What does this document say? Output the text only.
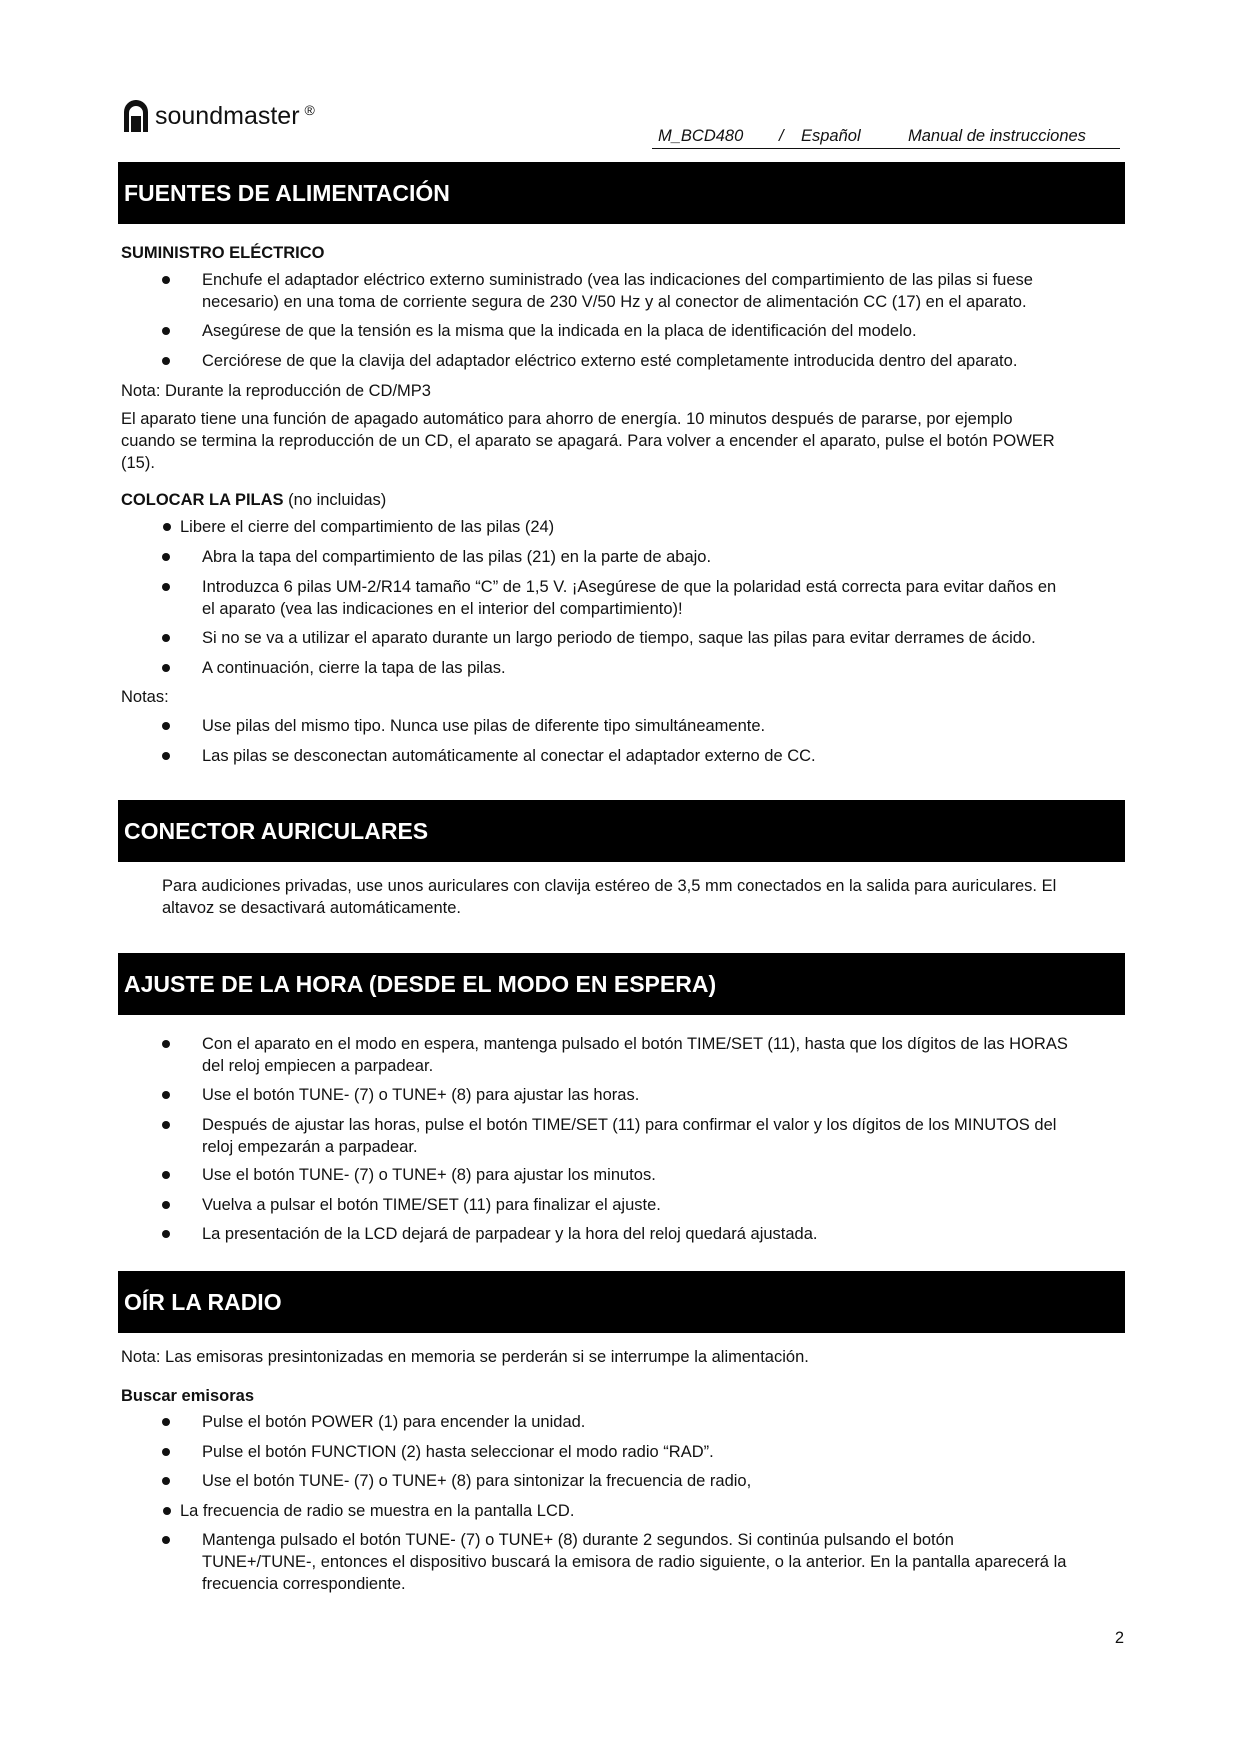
soundmaster ®
M_BCD480 / Español	Manual de instrucciones
FUENTES DE ALIMENTACIÓN
SUMINISTRO ELÉCTRICO
Enchufe el adaptador eléctrico externo suministrado (vea las indicaciones del compartimiento de las pilas si fuese
necesario) en una toma de corriente segura de 230 V/50 Hz y al conector de alimentación CC (17) en el aparato.
Asegúrese de que la tensión es la misma que la indicada en la placa de identificación del modelo.
Cerciórese de que la clavija del adaptador eléctrico externo esté completamente introducida dentro del aparato.
Nota: Durante la reproducción de CD/MP3
El aparato tiene una función de apagado automático para ahorro de energía. 10 minutos después de pararse, por ejemplo
cuando se termina la reproducción de un CD, el aparato se apagará. Para volver a encender el aparato, pulse el botón POWER
(15).
COLOCAR LA PILAS (no incluidas)
Libere el cierre del compartimiento de las pilas (24)
Abra la tapa del compartimiento de las pilas (21) en la parte de abajo.
Introduzca 6 pilas UM-2/R14 tamaño “C” de 1,5 V. ¡Asegúrese de que la polaridad está correcta para evitar daños en
el aparato (vea las indicaciones en el interior del compartimiento)!
Si no se va a utilizar el aparato durante un largo periodo de tiempo, saque las pilas para evitar derrames de ácido.
A continuación, cierre la tapa de las pilas.
Notas:
Use pilas del mismo tipo. Nunca use pilas de diferente tipo simultáneamente.
Las pilas se desconectan automáticamente al conectar el adaptador externo de CC.
CONECTOR AURICULARES
Para audiciones privadas, use unos auriculares con clavija estéreo de 3,5 mm conectados en la salida para auriculares. El
altavoz se desactivará automáticamente.
AJUSTE DE LA HORA (DESDE EL MODO EN ESPERA)
Con el aparato en el modo en espera, mantenga pulsado el botón TIME/SET (11), hasta que los dígitos de las HORAS
del reloj empiecen a parpadear.
Use el botón TUNE- (7) o TUNE+ (8) para ajustar las horas.
Después de ajustar las horas, pulse el botón TIME/SET (11) para confirmar el valor y los dígitos de los MINUTOS del
reloj empezarán a parpadear.
Use el botón TUNE- (7) o TUNE+ (8) para ajustar los minutos.
Vuelva a pulsar el botón TIME/SET (11) para finalizar el ajuste.
La presentación de la LCD dejará de parpadear y la hora del reloj quedará ajustada.
OÍR LA RADIO
Nota: Las emisoras presintonizadas en memoria se perderán si se interrumpe la alimentación.
Buscar emisoras
Pulse el botón POWER (1) para encender la unidad.
Pulse el botón FUNCTION (2) hasta seleccionar el modo radio “RAD”.
Use el botón TUNE- (7) o TUNE+ (8) para sintonizar la frecuencia de radio,
La frecuencia de radio se muestra en la pantalla LCD.
Mantenga pulsado el botón TUNE- (7) o TUNE+ (8) durante 2 segundos. Si continúa pulsando el botón
TUNE+/TUNE-, entonces el dispositivo buscará la emisora de radio siguiente, o la anterior. En la pantalla aparecerá la
frecuencia correspondiente.
2
